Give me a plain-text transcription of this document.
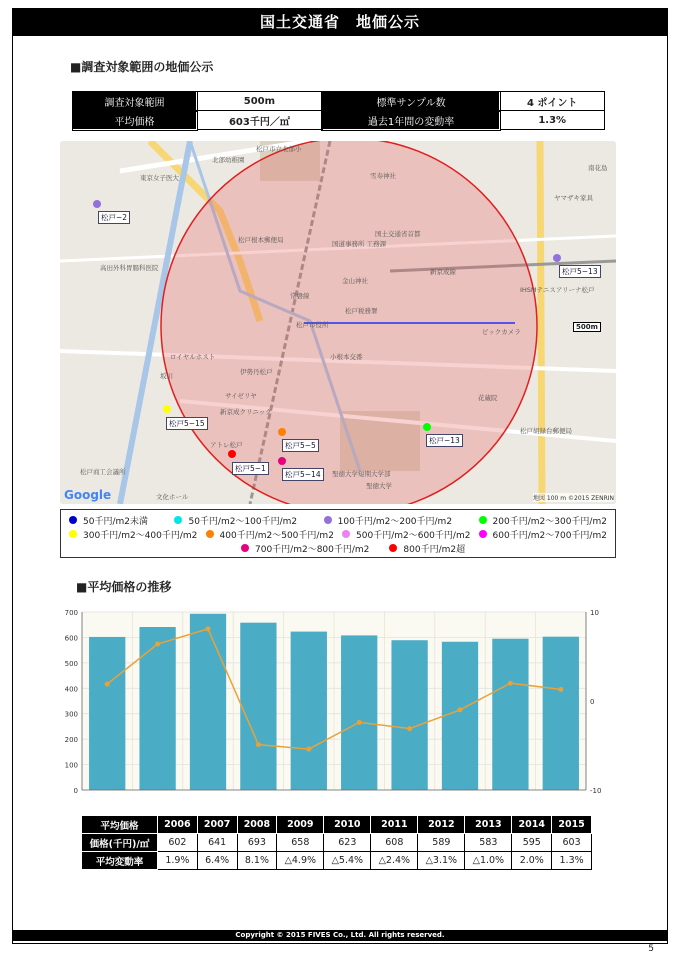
国土交通省　地価公示
■調査対象範囲の地価公示
調査対象範囲	500m	標準サンプル数	4 ポイント
平均価格	603千円／㎡	過去1年間の変動率	1.3%
北部幼稚園
松戸市立北部小
東京女子医大
高田外科胃腸科医院
雪寿神社
国土交通省首都
国道事務所 工務課
松戸根本郵便局
金山神社
新京成線
常磐線
松戸税務署
松戸市役所
ロイヤルホスト
伊勢丹松戸
サイゼリヤ
小根本交番
ビックカメラ
新京成クリニック
アトレ松戸
花蔵院
聖徳大学短期大学部
聖徳大学
松戸胡録台郵便局
松戸商工会議所
文化ホール
IHSMテニスアリーナ松戸
ヤマザキ家具
南花島
坂川
松戸−2
松戸5−13
松戸5−15
松戸5−5
松戸−13
松戸5−1
松戸5−14
500m
Google	地図 100 m ©2015 ZENRIN
50千円/m2未満	50千円/m2〜100千円/m2	100千円/m2〜200千円/m2	200千円/m2〜300千円/m2
300千円/m2〜400千円/m2 400千円/m2〜500千円/m2 500千円/m2〜600千円/m2 600千円/m2〜700千円/m2
700千円/m2〜800千円/m2	800千円/m2超
■平均価格の推移
0
100
200
300
400
500
600
700
-10
0
10
平均価格	2006	2007	2008	2009	2010	2011	2012	2013	2014	2015
価格(千円)/㎡	602	641	693	658	623	608	589	583	595	603
平均変動率	1.9%	6.4%	8.1%	△4.9%	△5.4%	△2.4%	△3.1%	△1.0%	2.0%	1.3%
Copyright © 2015 FIVES Co., Ltd. All rights reserved.
5
